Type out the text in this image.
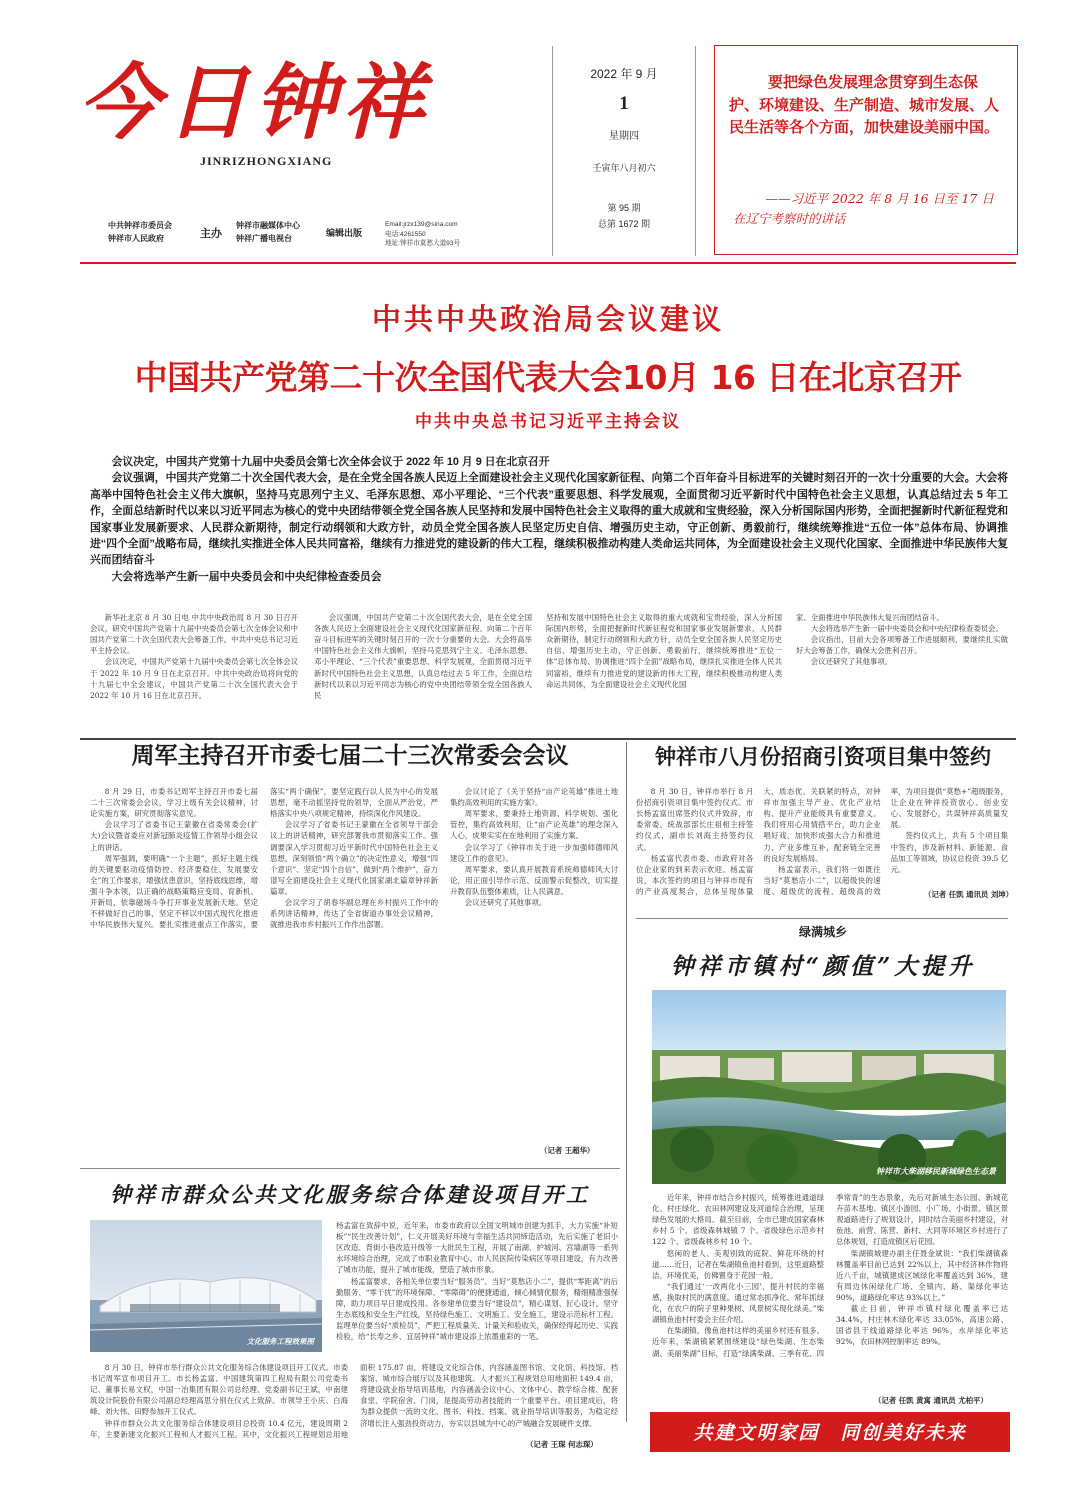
今日钟祥
JINRIZHONGXIANG
中共钟祥市委员会
钟祥市人民政府	主办
钟祥市融媒体中心
钟祥广播电视台
编辑出版
Email:jrzx139@sina.com
电话:4261550
地址:钟祥市莫愁大道93号
2022 年 9 月
1
星期四
壬寅年八月初六
第 95 期
总第 1672 期
要把绿色发展理念贯穿到生态保护、环境建设、生产制造、城市发展、人民生活等各个方面，加快建设美丽中国。
——习近平 2022 年 8 月 16 日至 17 日在辽宁考察时的讲话
中共中央政治局会议建议
中国共产党第二十次全国代表大会10月 16 日在北京召开
中共中央总书记习近平主持会议
会议决定，中国共产党第十九届中央委员会第七次全体会议于 2022 年 10 月 9 日在北京召开
会议强调，中国共产党第二十次全国代表大会，是在全党全国各族人民迈上全面建设社会主义现代化国家新征程、向第二个百年奋斗目标进军的关键时刻召开的一次十分重要的大会。大会将高举中国特色社会主义伟大旗帜，坚持马克思列宁主义、毛泽东思想、邓小平理论、“三个代表”重要思想、科学发展观，全面贯彻习近平新时代中国特色社会主义思想，认真总结过去 5 年工作，全面总结新时代以来以习近平同志为核心的党中央团结带领全党全国各族人民坚持和发展中国特色社会主义取得的重大成就和宝贵经验，深入分析国际国内形势，全面把握新时代新征程党和国家事业发展新要求、人民群众新期待，制定行动纲领和大政方针，动员全党全国各族人民坚定历史自信、增强历史主动，守正创新、勇毅前行，继续统筹推进“五位一体”总体布局、协调推进“四个全面”战略布局，继续扎实推进全体人民共同富裕，继续有力推进党的建设新的伟大工程，继续积极推动构建人类命运共同体，为全面建设社会主义现代化国家、全面推进中华民族伟大复兴而团结奋斗
大会将选举产生新一届中央委员会和中央纪律检查委员会

新华社北京 8 月 30 日电 中共中央政治局 8 月 30 日召开会议，研究中国共产党第十九届中央委员会第七次全体会议和中国共产党第二十次全国代表大会筹备工作。中共中央总书记习近平主持会议。

会议决定，中国共产党第十九届中央委员会第七次全体会议于 2022 年 10 月 9 日在北京召开。中共中央政治局将向党的十九届七中全会建议，中国共产党第二十次全国代表大会于 2022 年 10 月 16 日在北京召开。

会议强调，中国共产党第二十次全国代表大会，是在全党全国各族人民迈上全面建设社会主义现代化国家新征程、向第二个百年奋斗目标进军的关键时刻召开的一次十分重要的大会。大会将高举中国特色社会主义伟大旗帜，坚持马克思列宁主义、毛泽东思想、邓小平理论、“三个代表”重要思想、科学发展观，全面贯彻习近平新时代中国特色社会主义思想，认真总结过去 5 年工作，全面总结新时代以来以习近平同志为核心的党中央团结带领全党全国各族人民

坚持和发展中国特色社会主义取得的重大成就和宝贵经验，深入分析国际国内形势，全面把握新时代新征程党和国家事业发展新要求、人民群众新期待，制定行动纲领和大政方针，动员全党全国各族人民坚定历史自信、增强历史主动，守正创新、勇毅前行，继续统筹推进“五位一体”总体布局、协调推进“四个全面”战略布局，继续扎实推进全体人民共同富裕，继续有力推进党的建设新的伟大工程，继续积极推动构建人类命运共同体，为全面建设社会主义现代化国

家、全面推进中华民族伟大复兴而团结奋斗。

大会将选举产生新一届中央委员会和中央纪律检查委员会。

会议指出，目前大会各项筹备工作进展顺利，要继续扎实做好大会筹备工作，确保大会胜利召开。

会议还研究了其他事项。

周军主持召开市委七届二十三次常委会会议

8 月 29 日，市委书记周军主持召开市委七届二十三次常委会会议，学习上级有关会议精神，讨论实施方案，研究贯彻落实意见。

会议学习了省委书记王蒙徽在省委常委会(扩大)会议暨省委应对新冠肺炎疫情工作领导小组会议上的讲话。

周军强调，要明确“一个主题”，抓好主题主线的关键要驱动疫情防控、经济要稳住、发展要安全”的工作要求，增强忧患意识，坚持底线思维，增强斗争本领，以正确的战略策略应变局、育新机、开新局，依靠磁场斗争打开事业发展新天地。坚定不移做好自己的事，坚定不移以中国式现代化推进中华民族伟大复兴。要扎实推进重点工作落实，要落实“两个确保”，要坚定践行以人民为中心的发展思想，毫不动摇坚持党的领导，全面从严治党，严格落实中央八项规定精神，持续深化作风建设。

会议学习了省委书记王蒙徽在全省领导干部会议上的讲话精神，研究部署我市贯彻落实工作。强调要深入学习贯彻习近平新时代中国特色社会主义思想，深刻领悟“两个确立”的决定性意义，增强“四个意识”、坚定“四个自信”、做到“两个维护”，奋力谱写全面建设社会主义现代化国家湖北篇章钟祥新篇章。

会议学习了胡春华副总理在乡村振兴工作中的系列讲话精神，传达了全省街道办事处会议精神，就推进我市乡村振兴工作作出部署。

会议讨论了《关于坚持“亩产论英雄”推进土地集约高效利用的实施方案》。

周军要求，要秉持土地资源、科学规划、强化管控，集约高效利用，让“亩产论英雄”的理念深入人心，成果实实在在地利用了实施方案。

会议学习了《钟祥市关于进一步加强师德师风建设工作的意见》。

周军要求，要认真开展教育系统师德师风大讨论，用正面引导作示范、反面警示促整改，切实提升教育队伍整体素质，让人民满意。

会议还研究了其他事项。

（记者 王超华）
钟祥市八月份招商引资项目集中签约

8 月 30 日，钟祥市举行 8 月份招商引资项目集中签约仪式。市长杨孟富出席签约仪式并致辞，市委常委、统战部部长庄祖相主持签约仪式，副市长刘海主持签约仪式。

杨孟富代表市委、市政府对各位企业家的到来表示欢迎。杨孟富说，本次签约的项目与钟祥市现有的产业高度契合，总体呈现体量大、质态优、关联紧的特点，对钟祥市加强主导产业、优化产业结构、提升产业能级具有重要意义。我们将用心用情搭平台，助力企业唱好戏，加快形成强大合力和推进力、产业多维互补，配套链全完善的良好发展格局。

杨孟富表示，我们将一如既往当好“莫愁店小二”，以超级快的速度、超级优的流程、超级高的效率，为项目提供“莫愁+”超级服务，让企业在钟祥投资放心、创业安心、发展舒心，共谋钟祥高质量发展。

签约仪式上，共有 5 个项目集中签约，涉及新材料、新能源、食品加工等领域，协议总投资 39.5 亿元。

（记者 任凯 通讯员 刘坤）
绿满城乡
钟祥市镇村“颜值”大提升
钟祥市大柴湖移民新城绿色生态景

近年来，钟祥市结合乡村振兴，统筹推进通道绿化、村庄绿化、农田林网建设及河道综合治理，呈现绿色发展的大格局。截至目前，全市已建成国家森林乡村 5 个、省级森林城镇 7 个、省级绿色示范乡村 122 个、省级森林乡村 10 个。

悠闲的老人、美观别致的庭院、鲜花环绕的村道……近日，记者在柴湖镇鱼池村看到，这里道路整洁、环境优美，仿佛置身于花园一般。

“我们通过‘一改两化小三园’，提升村民的幸福感，换取村民的满意度。通过常态抓净化、常年抓绿化，在农户的院子里种果树、风景树实现化绿美。”柴湖镇鱼池村村委会主任介绍。

在柴湖镇，像鱼池村这样的美丽乡村还有很多。近年来，柴湖镇紧紧围绕建设“绿色柴湖、生态柴湖、美丽柴湖”目标，打造“绿满柴湖、三季有花、四季常青”的生态景象，先后对新城生态公园、新城花卉苗木基地、镇区小游园、小广场、小街景、镇区景观道路进行了规划设计，同时结合美丽乡村建设，对鱼池、前营、陈营、新村、大同等环境区乡村进行了总体规划，打造成镇区后花园。

柴湖镇城建办副主任聂金斌说：“我们柴湖镇森林覆盖率目前已达到 22%以上，其中经济林作物将近八千亩，城镇建成区域绿化率覆盖达到 36%，建有周边休闲绿化广场、全镇内、路、渠绿化率达 90%，道路绿化率达 93%以上。”

截止目前，钟祥市镇村绿化覆盖率已达 34.4%，村庄林木绿化率达 33.05%，高速公路、国省县干线道路绿化率达 96%，水岸绿化率达 92%，农田林网控制率达 89%。

（记者 任凯 黄寓 通讯员 尤柏平）
钟祥市群众公共文化服务综合体建设项目开工
文化服务工程效果图

杨孟富在致辞中说，近年来，市委市政府以全国文明城市创建为抓手，大力实施“补短板”“民生改善计划”，仁义开展美好环境与幸福生活共同缔造活动，先后实施了老旧小区改造、背街小巷改造升级等一大批民生工程，开展了南湖、护城河、宫墙湖等一系列水环境综合治理，完成了市职业教育中心、市人民医院传染病区等项目建设，有力改善了城市功能，提升了城市能级，塑造了城市形象。

杨孟富要求，各相关单位要当好“服务员”、当好“莫愁店小二”，提供“零距离”的后勤服务、“零干扰”的环境保障、“零障碍”的便捷通道，倾心倾情优服务，精细精准强保障，助力项目早日建成投用。各参建单位要当好“建设员”，精心谋划、匠心设计，坚守生态底线和安全生产红线，坚持绿色施工、文明施工、安全施工，建设示范标杆工程。监理单位要当好“质检员”，严把工程质量关、计量关和验收关，确保经得起历史、实践检验，给“长寿之乡、宜居钟祥”城市建设添上浓墨重彩的一笔。

8 月 30 日，钟祥市举行群众公共文化服务综合体建设项目开工仪式。市委书记周军宣布项目开工。市长杨孟富、中国建筑第四工程局有限公司党委书记、董事长易文权，中国一冶集团有限公司总经理、党委副书记王斌，中南建筑设计院股份有限公司副总经理高思分别在仪式上致辞。市领导王小庆、白海峰、刘大伟、田野参加开工仪式。

钟祥市群众公共文化服务综合体建设项目总投资 10.4 亿元，建设周期 2 年，主要新建文化振兴工程和人才振兴工程。其中，文化振兴工程规划总用地面积 175.87 亩，将建设文化综合体，内容涵盖图书馆、文化馆、科技馆、档案馆、城市综合展厅以及其他建筑。人才振兴工程规划总用地面积 149.4 亩，将建设就业指导培训基地，内容涵盖会议中心、文体中心、教学综合楼、配套食堂、学院宿舍、门岗，是提高劳动者技能的一个重要平台。项目建成后，将为群众提供一流的文化、图书、科技、档案、就业指导培训等服务，为稳定经济增长注入强劲投资动力，夯实以县城为中心的产城融合发展硬件支撑。

（记者 王琛 何志琛）
共建文明家园　同创美好未来
